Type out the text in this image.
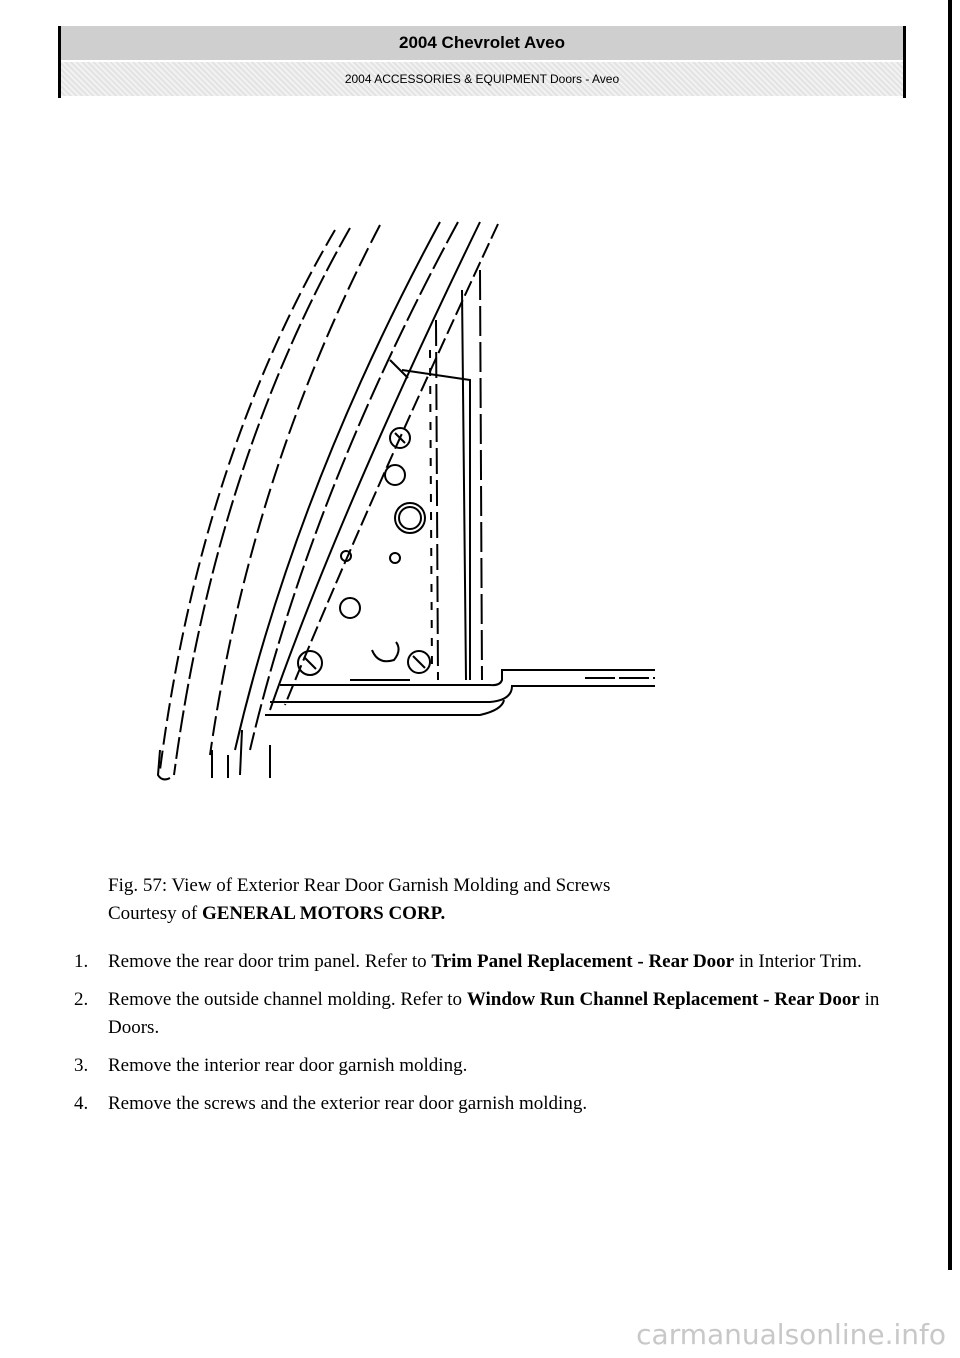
2004 Chevrolet Aveo
2004 ACCESSORIES & EQUIPMENT Doors - Aveo
Fig. 57: View of Exterior Rear Door Garnish Molding and Screws
Courtesy of GENERAL MOTORS CORP.
1. Remove the rear door trim panel. Refer to Trim Panel Replacement - Rear Door in Interior Trim.
2. Remove the outside channel molding. Refer to Window Run Channel Replacement - Rear Door in Doors.
3. Remove the interior rear door garnish molding.
4. Remove the screws and the exterior rear door garnish molding.
carmanualsonline.info
